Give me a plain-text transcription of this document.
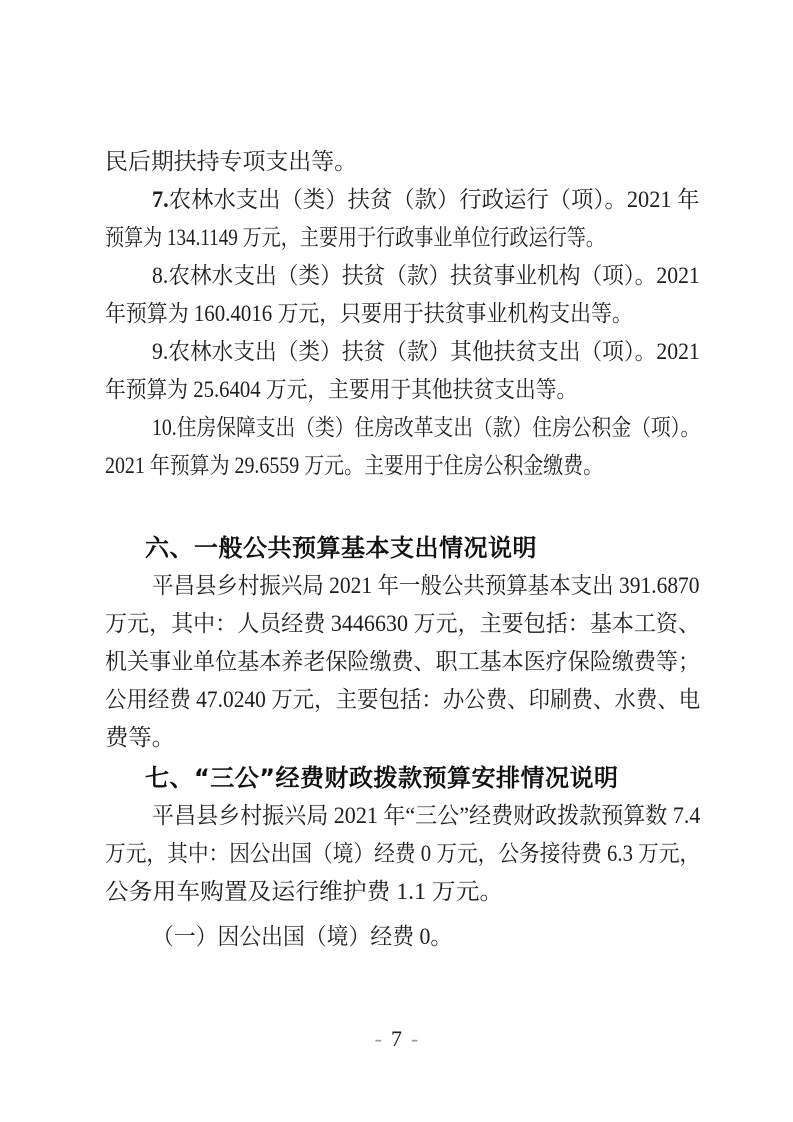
民后期扶持专项支出等。

7.农林水支出（类）扶贫（款）行政运行（项）。2021 年

预算为 134.1149 万元，主要用于行政事业单位行政运行等。

8.农林水支出（类）扶贫（款）扶贫事业机构（项）。2021

年预算为 160.4016 万元，只要用于扶贫事业机构支出等。

9.农林水支出（类）扶贫（款）其他扶贫支出（项）。2021

年预算为 25.6404 万元，主要用于其他扶贫支出等。

10.住房保障支出（类）住房改革支出（款）住房公积金（项）。

2021 年预算为 29.6559 万元。主要用于住房公积金缴费。

六、一般公共预算基本支出情况说明

平昌县乡村振兴局 2021 年一般公共预算基本支出 391.6870

万元，其中：人员经费 3446630 万元，主要包括：基本工资、

机关事业单位基本养老保险缴费、职工基本医疗保险缴费等；

公用经费 47.0240 万元，主要包括：办公费、印刷费、水费、电

费等。

七、“三公”经费财政拨款预算安排情况说明

平昌县乡村振兴局 2021 年“三公”经费财政拨款预算数 7.4

万元，其中：因公出国（境）经费 0 万元，公务接待费 6.3 万元，

公务用车购置及运行维护费 1.1 万元。

（一）因公出国（境）经费 0。

- 7 -
